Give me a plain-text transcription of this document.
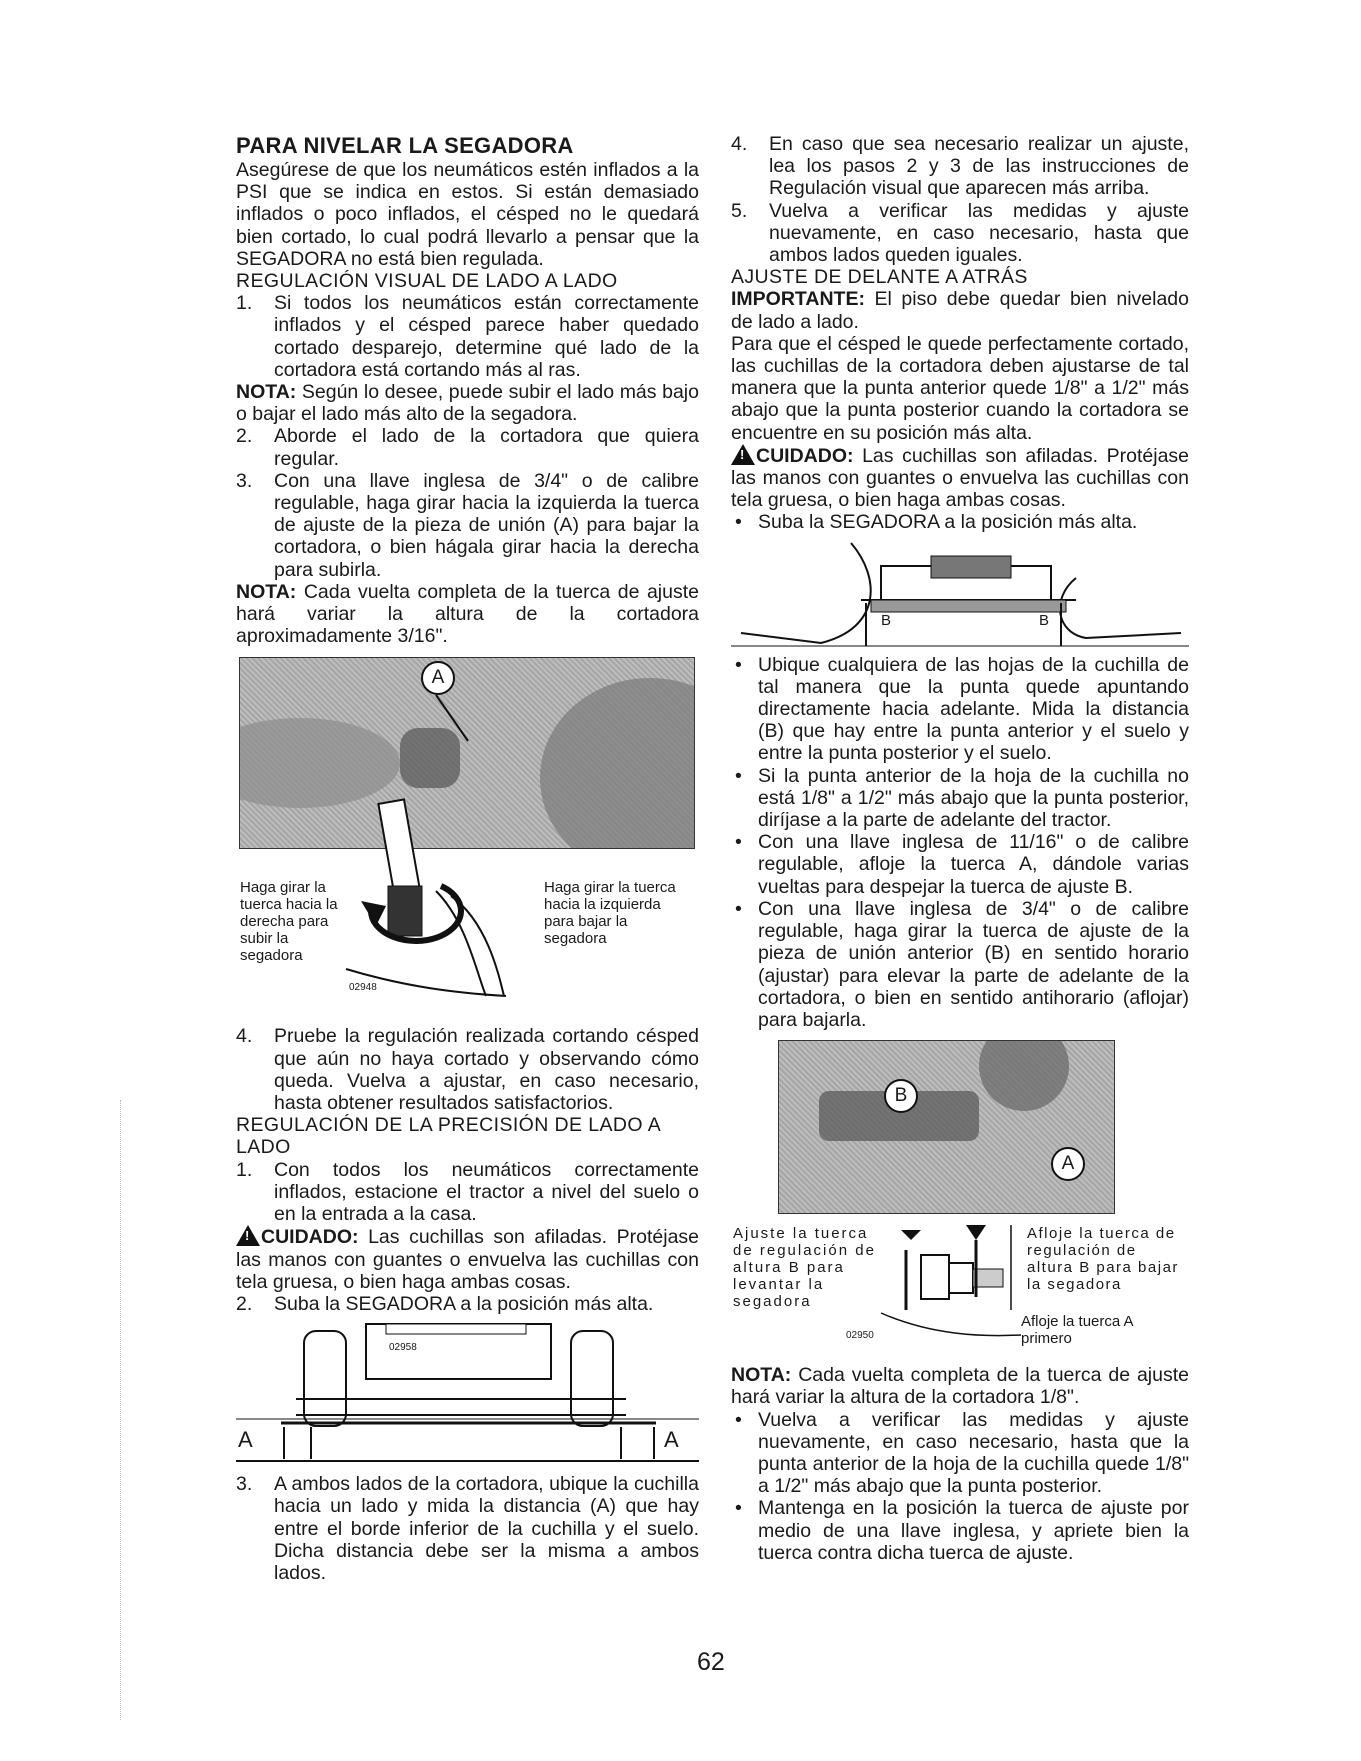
PARA NIVELAR LA SEGADORA

Asegúrese de que los neumáticos estén inflados a la PSI que se indica en estos. Si están demasiado inflados o poco inflados, el césped no le quedará bien cortado, lo cual podrá llevarlo a pensar que la SEGADORA no está bien regulada.

REGULACIÓN VISUAL DE LADO A LADO

1. Si todos los neumáticos están correctamente inflados y el césped parece haber quedado cortado desparejo, determine qué lado de la cortadora está cortando más al ras.

NOTA: Según lo desee, puede subir el lado más bajo o bajar el lado más alto de la segadora.

2. Aborde el lado de la cortadora que quiera regular.
3. Con una llave inglesa de 3/4" o de calibre regulable, haga girar hacia la izquierda la tuerca de ajuste de la pieza de unión (A) para bajar la cortadora, o bien hágala girar hacia la derecha para subirla.

NOTA: Cada vuelta completa de la tuerca de ajuste hará variar la altura de la cortadora aproximadamente 3/16".

A
Haga girar la tuerca hacia la derecha para subir la segadora
Haga girar la tuerca hacia la izquierda para bajar la segadora
02948
4. Pruebe la regulación realizada cortando césped que aún no haya cortado y observando cómo queda. Vuelva a ajustar, en caso necesario, hasta obtener resultados satisfactorios.

REGULACIÓN DE LA PRECISIÓN DE LADO A LADO

1. Con todos los neumáticos correctamente inflados, estacione el tractor a nivel del suelo o en la entrada a la casa.

!CUIDADO: Las cuchillas son afiladas. Protéjase las manos con guantes o envuelva las cuchillas con tela gruesa, o bien haga ambas cosas.

2. Suba la SEGADORA a la posición más alta.
A	A
02958
3. A ambos lados de la cortadora, ubique la cuchilla hacia un lado y mida la distancia (A) que hay entre el borde inferior de la cuchilla y el suelo. Dicha distancia debe ser la misma a ambos lados.
4. En caso que sea necesario realizar un ajuste, lea los pasos 2 y 3 de las instrucciones de Regulación visual que aparecen más arriba.
5. Vuelva a verificar las medidas y ajuste nuevamente, en caso necesario, hasta que ambos lados queden iguales.

AJUSTE DE DELANTE A ATRÁS

IMPORTANTE: El piso debe quedar bien nivelado de lado a lado.

Para que el césped le quede perfectamente cortado, las cuchillas de la cortadora deben ajustarse de tal manera que la punta anterior quede 1/8" a 1/2" más abajo que la punta posterior cuando la cortadora se encuentre en su posición más alta.

!CUIDADO: Las cuchillas son afiladas. Protéjase las manos con guantes o envuelva las cuchillas con tela gruesa, o bien haga ambas cosas.

• Suba la SEGADORA a la posición más alta.
B	B
• Ubique cualquiera de las hojas de la cuchilla de tal manera que la punta quede apuntando directamente hacia adelante. Mida la distancia (B) que hay entre la punta anterior y el suelo y entre la punta posterior y el suelo.
• Si la punta anterior de la hoja de la cuchilla no está 1/8" a 1/2" más abajo que la punta posterior, diríjase a la parte de adelante del tractor.
• Con una llave inglesa de 11/16" o de calibre regulable, afloje la tuerca A, dándole varias vueltas para despejar la tuerca de ajuste B.
• Con una llave inglesa de 3/4" o de calibre regulable, haga girar la tuerca de ajuste de la pieza de unión anterior (B) en sentido horario (ajustar) para elevar la parte de adelante de la cortadora, o bien en sentido antihorario (aflojar) para bajarla.
B
A
Ajuste la tuerca de regulación de altura B para levantar la segadora
Afloje la tuerca de regulación de altura B para bajar la segadora
Afloje la tuerca A primero
02950

NOTA: Cada vuelta completa de la tuerca de ajuste hará variar la altura de la cortadora 1/8".

• Vuelva a verificar las medidas y ajuste nuevamente, en caso necesario, hasta que la punta anterior de la hoja de la cuchilla quede 1/8" a 1/2" más abajo que la punta posterior.
• Mantenga en la posición la tuerca de ajuste por medio de una llave inglesa, y apriete bien la tuerca contra dicha tuerca de ajuste.
62
